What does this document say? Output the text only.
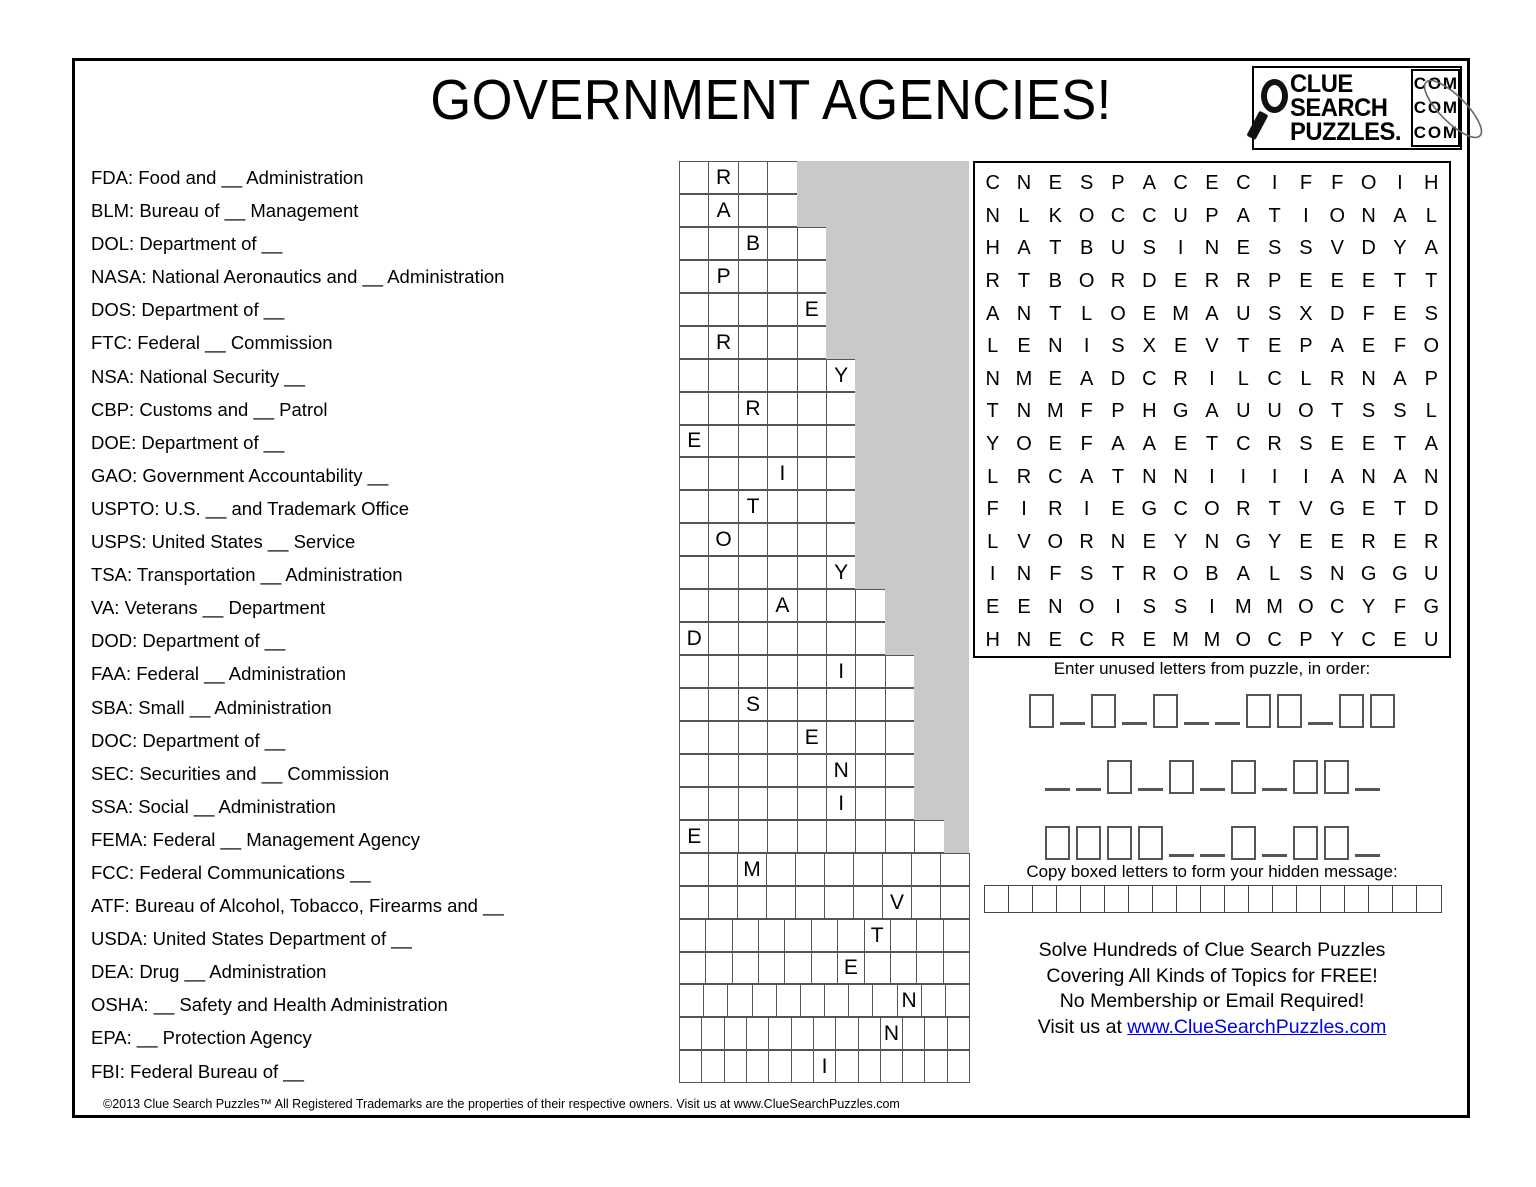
GOVERNMENT AGENCIES!	CLUE
SEARCH
PUZZLES.
C O M
C O M
C O M
FDA: Food and __ Administration
BLM: Bureau of __ Management
DOL: Department of __
NASA: National Aeronautics and __ Administration
DOS: Department of __
FTC: Federal __ Commission
NSA: National Security __
CBP: Customs and __ Patrol
DOE: Department of __
GAO: Government Accountability __
USPTO: U.S. __ and Trademark Office
USPS: United States __ Service
TSA: Transportation __ Administration
VA: Veterans __ Department
DOD: Department of __
FAA: Federal __ Administration
SBA: Small __ Administration
DOC: Department of __
SEC: Securities and __ Commission
SSA: Social __ Administration
FEMA: Federal __ Management Agency
FCC: Federal Communications __
ATF: Bureau of Alcohol, Tobacco, Firearms and __
USDA: United States Department of __
DEA: Drug __ Administration
OSHA: __ Safety and Health Administration
EPA: __ Protection Agency
FBI: Federal Bureau of __
R
A
B
P
E
R
Y
R
E
I
T
O
Y
A
D
I
S
E
N
I
E
M
V
T
E
N
N
I
C N E S P A C E C	I	F F O	I	H
N L K O C C U P A T	I	O N A L
H A T B U S	I	N E S S V D Y A
R T B O R D E R R P E E E T T
A N T L O E M A U S X D F E S
L E N	I	S X E V T E P A E F O
N M E A D C R	I	L C L R N A P
T N M F P H G A U U O T S S L
Y O E F A A E T C R S E E T A
L R C A T N N	I	I	I	I	A N A N
F	I	R	I	E G C O R T V G E T D
L V O R N E Y N G Y E E R E R
I	N F S T R O B A L S N G G U
E E N O	I	S S	I	M M O C Y F G
H N E C R E M M O C P Y C E U
Enter unused letters from puzzle, in order:
Copy boxed letters to form your hidden message:
Solve Hundreds of Clue Search Puzzles
Covering All Kinds of Topics for FREE!
No Membership or Email Required!
Visit us at www.ClueSearchPuzzles.com
©2013 Clue Search Puzzles™ All Registered Trademarks are the properties of their respective owners. Visit us at www.ClueSearchPuzzles.com
